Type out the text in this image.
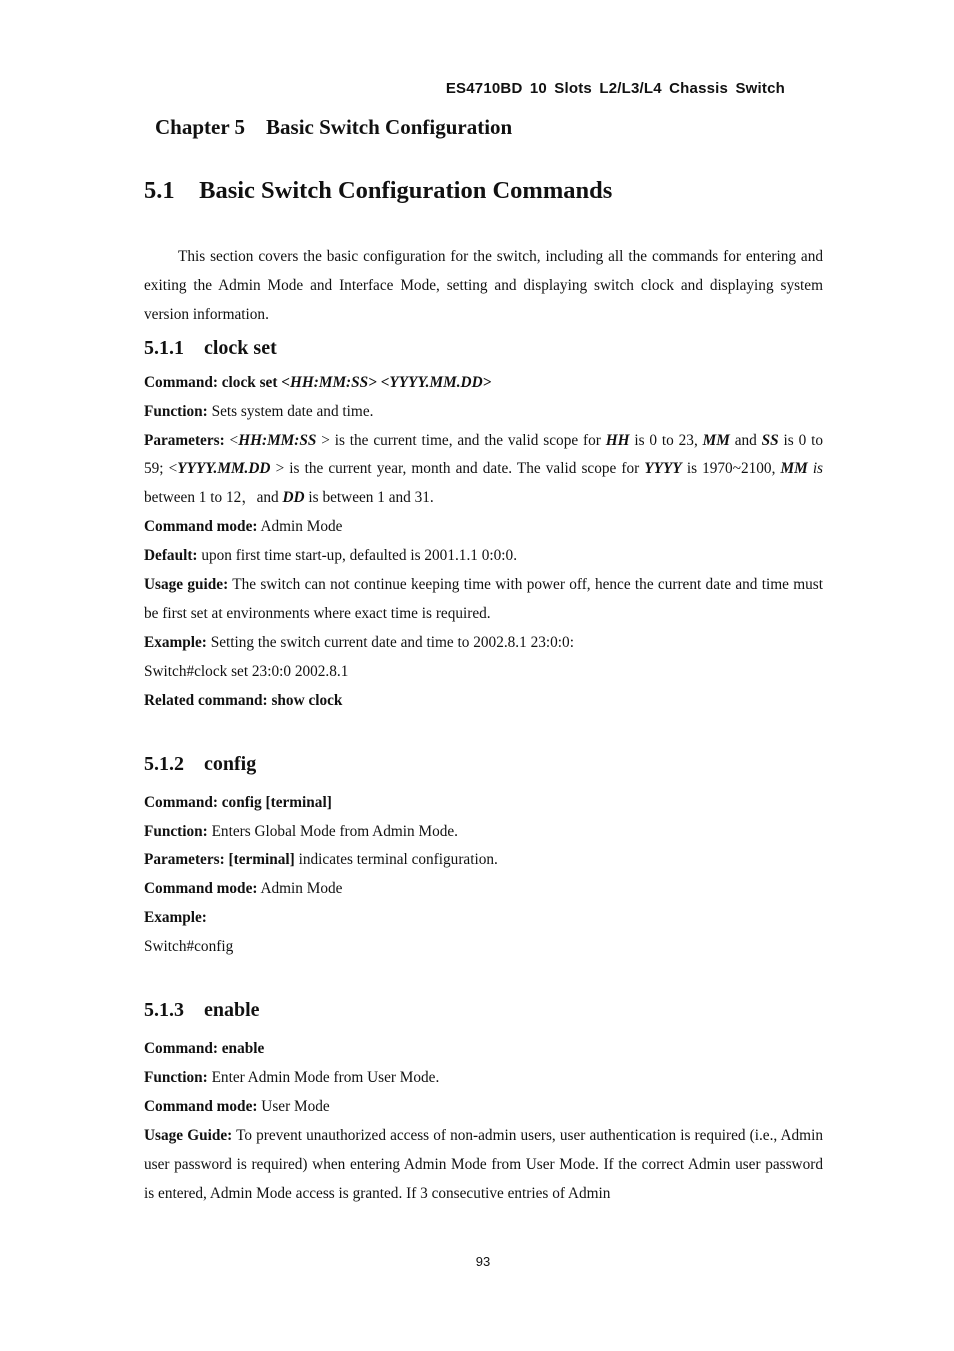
ES4710BD 10 Slots L2/L3/L4 Chassis Switch
Chapter 5    Basic Switch Configuration
5.1    Basic Switch Configuration Commands

This section covers the basic configuration for the switch, including all the commands for entering and exiting the Admin Mode and Interface Mode, setting and displaying switch clock and displaying system version information.

5.1.1    clock set

Command: clock set <HH:MM:SS> <YYYY.MM.DD>

Function: Sets system date and time.

Parameters: <HH:MM:SS > is the current time, and the valid scope for HH is 0 to 23, MM and SS is 0 to 59; <YYYY.MM.DD > is the current year, month and date. The valid scope for YYYY is 1970~2100, MM is between 1 to 12，and DD is between 1 and 31.

Command mode: Admin Mode

Default: upon first time start-up, defaulted is 2001.1.1 0:0:0.

Usage guide: The switch can not continue keeping time with power off, hence the current date and time must be first set at environments where exact time is required.

Example: Setting the switch current date and time to 2002.8.1 23:0:0:

Switch#clock set 23:0:0 2002.8.1

Related command: show clock

5.1.2    config

Command: config [terminal]

Function: Enters Global Mode from Admin Mode.

Parameters: [terminal] indicates terminal configuration.

Command mode: Admin Mode

Example:

Switch#config

5.1.3    enable

Command: enable

Function: Enter Admin Mode from User Mode.

Command mode: User Mode

Usage Guide: To prevent unauthorized access of non-admin users, user authentication is required (i.e., Admin user password is required) when entering Admin Mode from User Mode. If the correct Admin user password is entered, Admin Mode access is granted. If 3 consecutive entries of Admin

93
